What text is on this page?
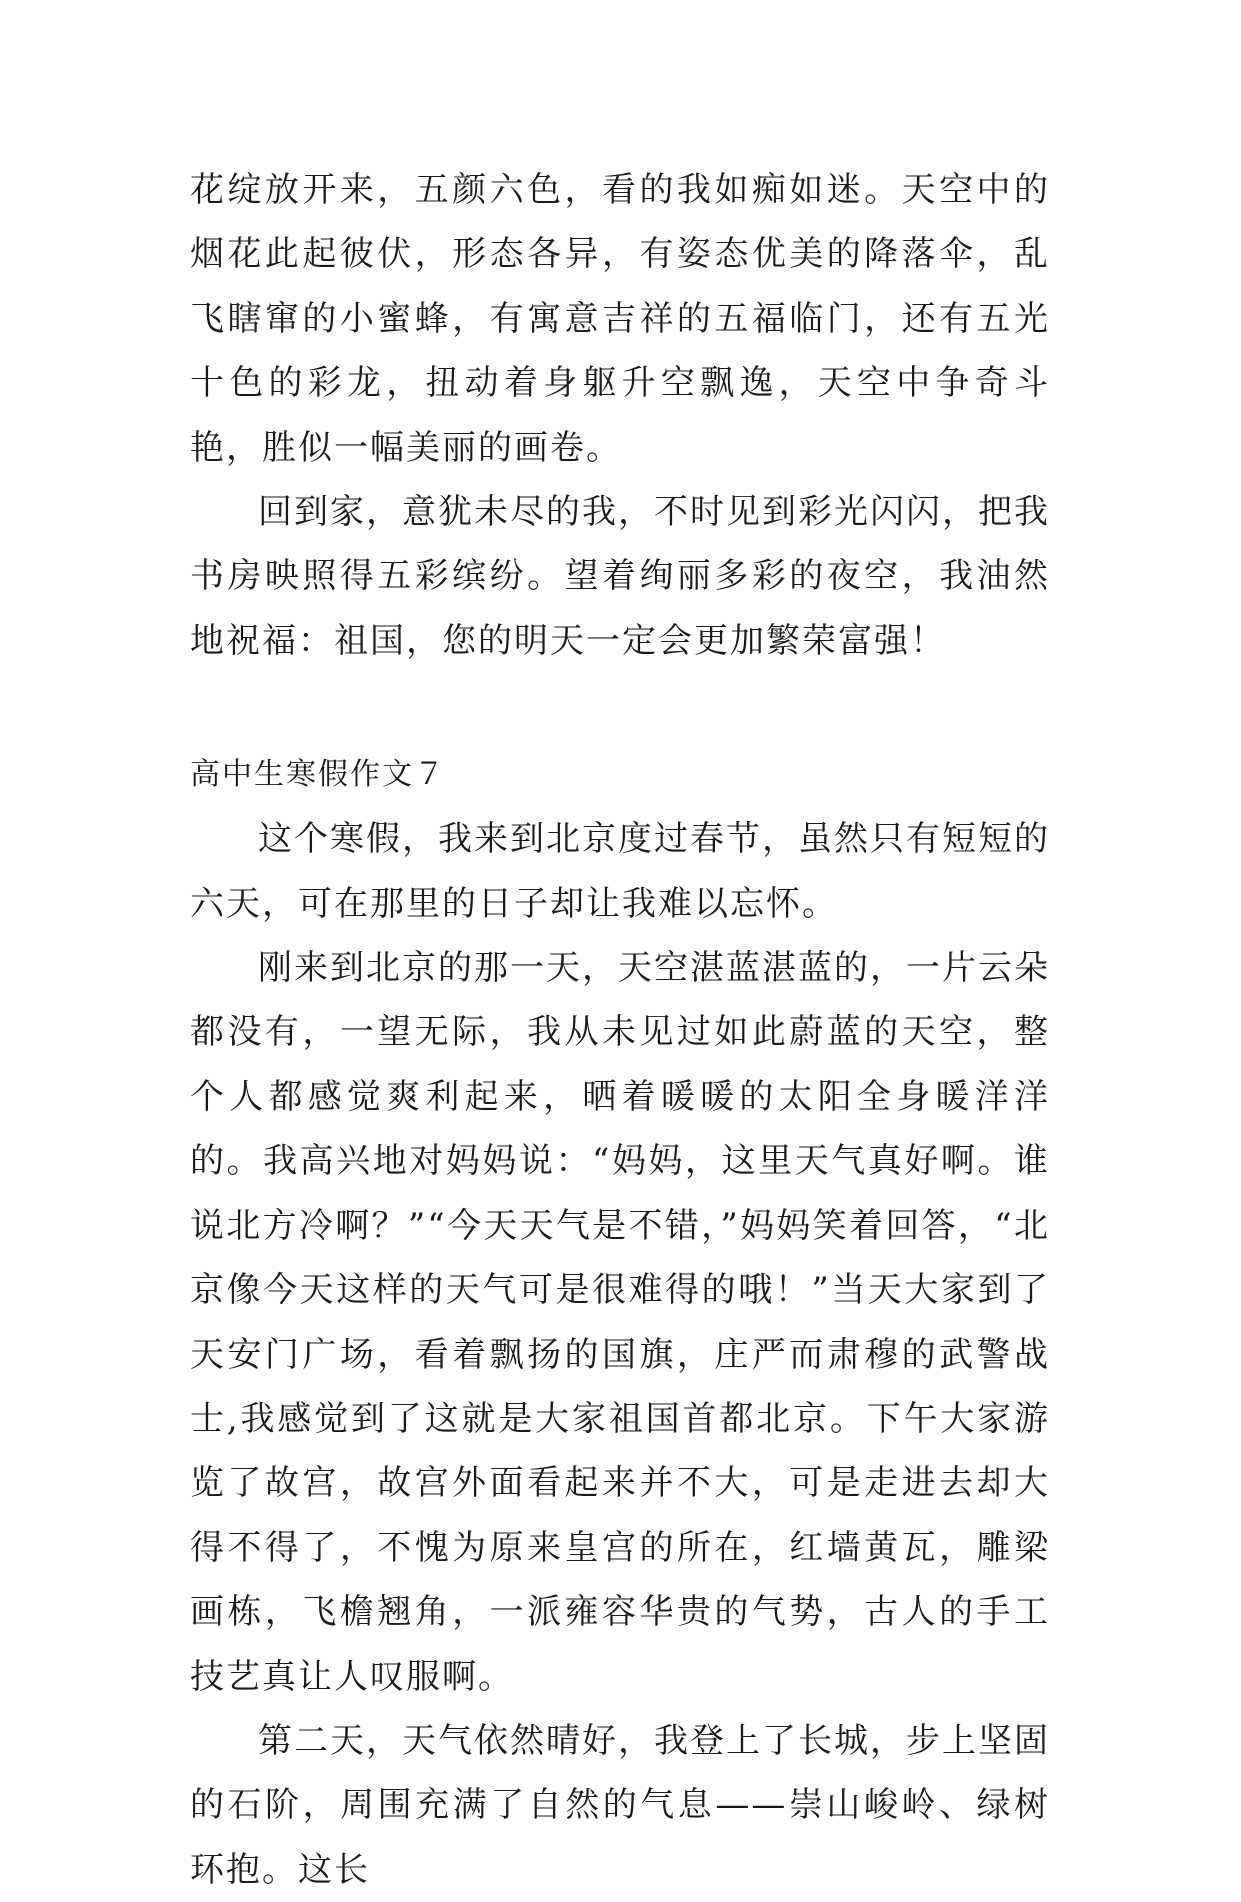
花绽放开来，五颜六色，看的我如痴如迷。天空中的烟花此起彼伏，形态各异，有姿态优美的降落伞，乱飞瞎窜的小蜜蜂，有寓意吉祥的五福临门，还有五光十色的彩龙，扭动着身躯升空飘逸，天空中争奇斗艳，胜似一幅美丽的画卷。

回到家，意犹未尽的我，不时见到彩光闪闪，把我书房映照得五彩缤纷。望着绚丽多彩的夜空，我油然地祝福：祖国，您的明天一定会更加繁荣富强！

高中生寒假作文７

这个寒假，我来到北京度过春节，虽然只有短短的六天，可在那里的日子却让我难以忘怀。

刚来到北京的那一天，天空湛蓝湛蓝的，一片云朵都没有，一望无际，我从未见过如此蔚蓝的天空，整个人都感觉爽利起来，晒着暖暖的太阳全身暖洋洋的。我高兴地对妈妈说：“妈妈，这里天气真好啊。谁说北方冷啊？”“今天天气是不错，”妈妈笑着回答，“北京像今天这样的天气可是很难得的哦！”当天大家到了天安门广场，看着飘扬的国旗，庄严而肃穆的武警战士,我感觉到了这就是大家祖国首都北京。下午大家游览了故宫，故宫外面看起来并不大，可是走进去却大得不得了，不愧为原来皇宫的所在，红墙黄瓦，雕梁画栋，飞檐翘角，一派雍容华贵的气势，古人的手工技艺真让人叹服啊。

第二天，天气依然晴好，我登上了长城，步上坚固的石阶，周围充满了自然的气息——崇山峻岭、绿树环抱。这长
